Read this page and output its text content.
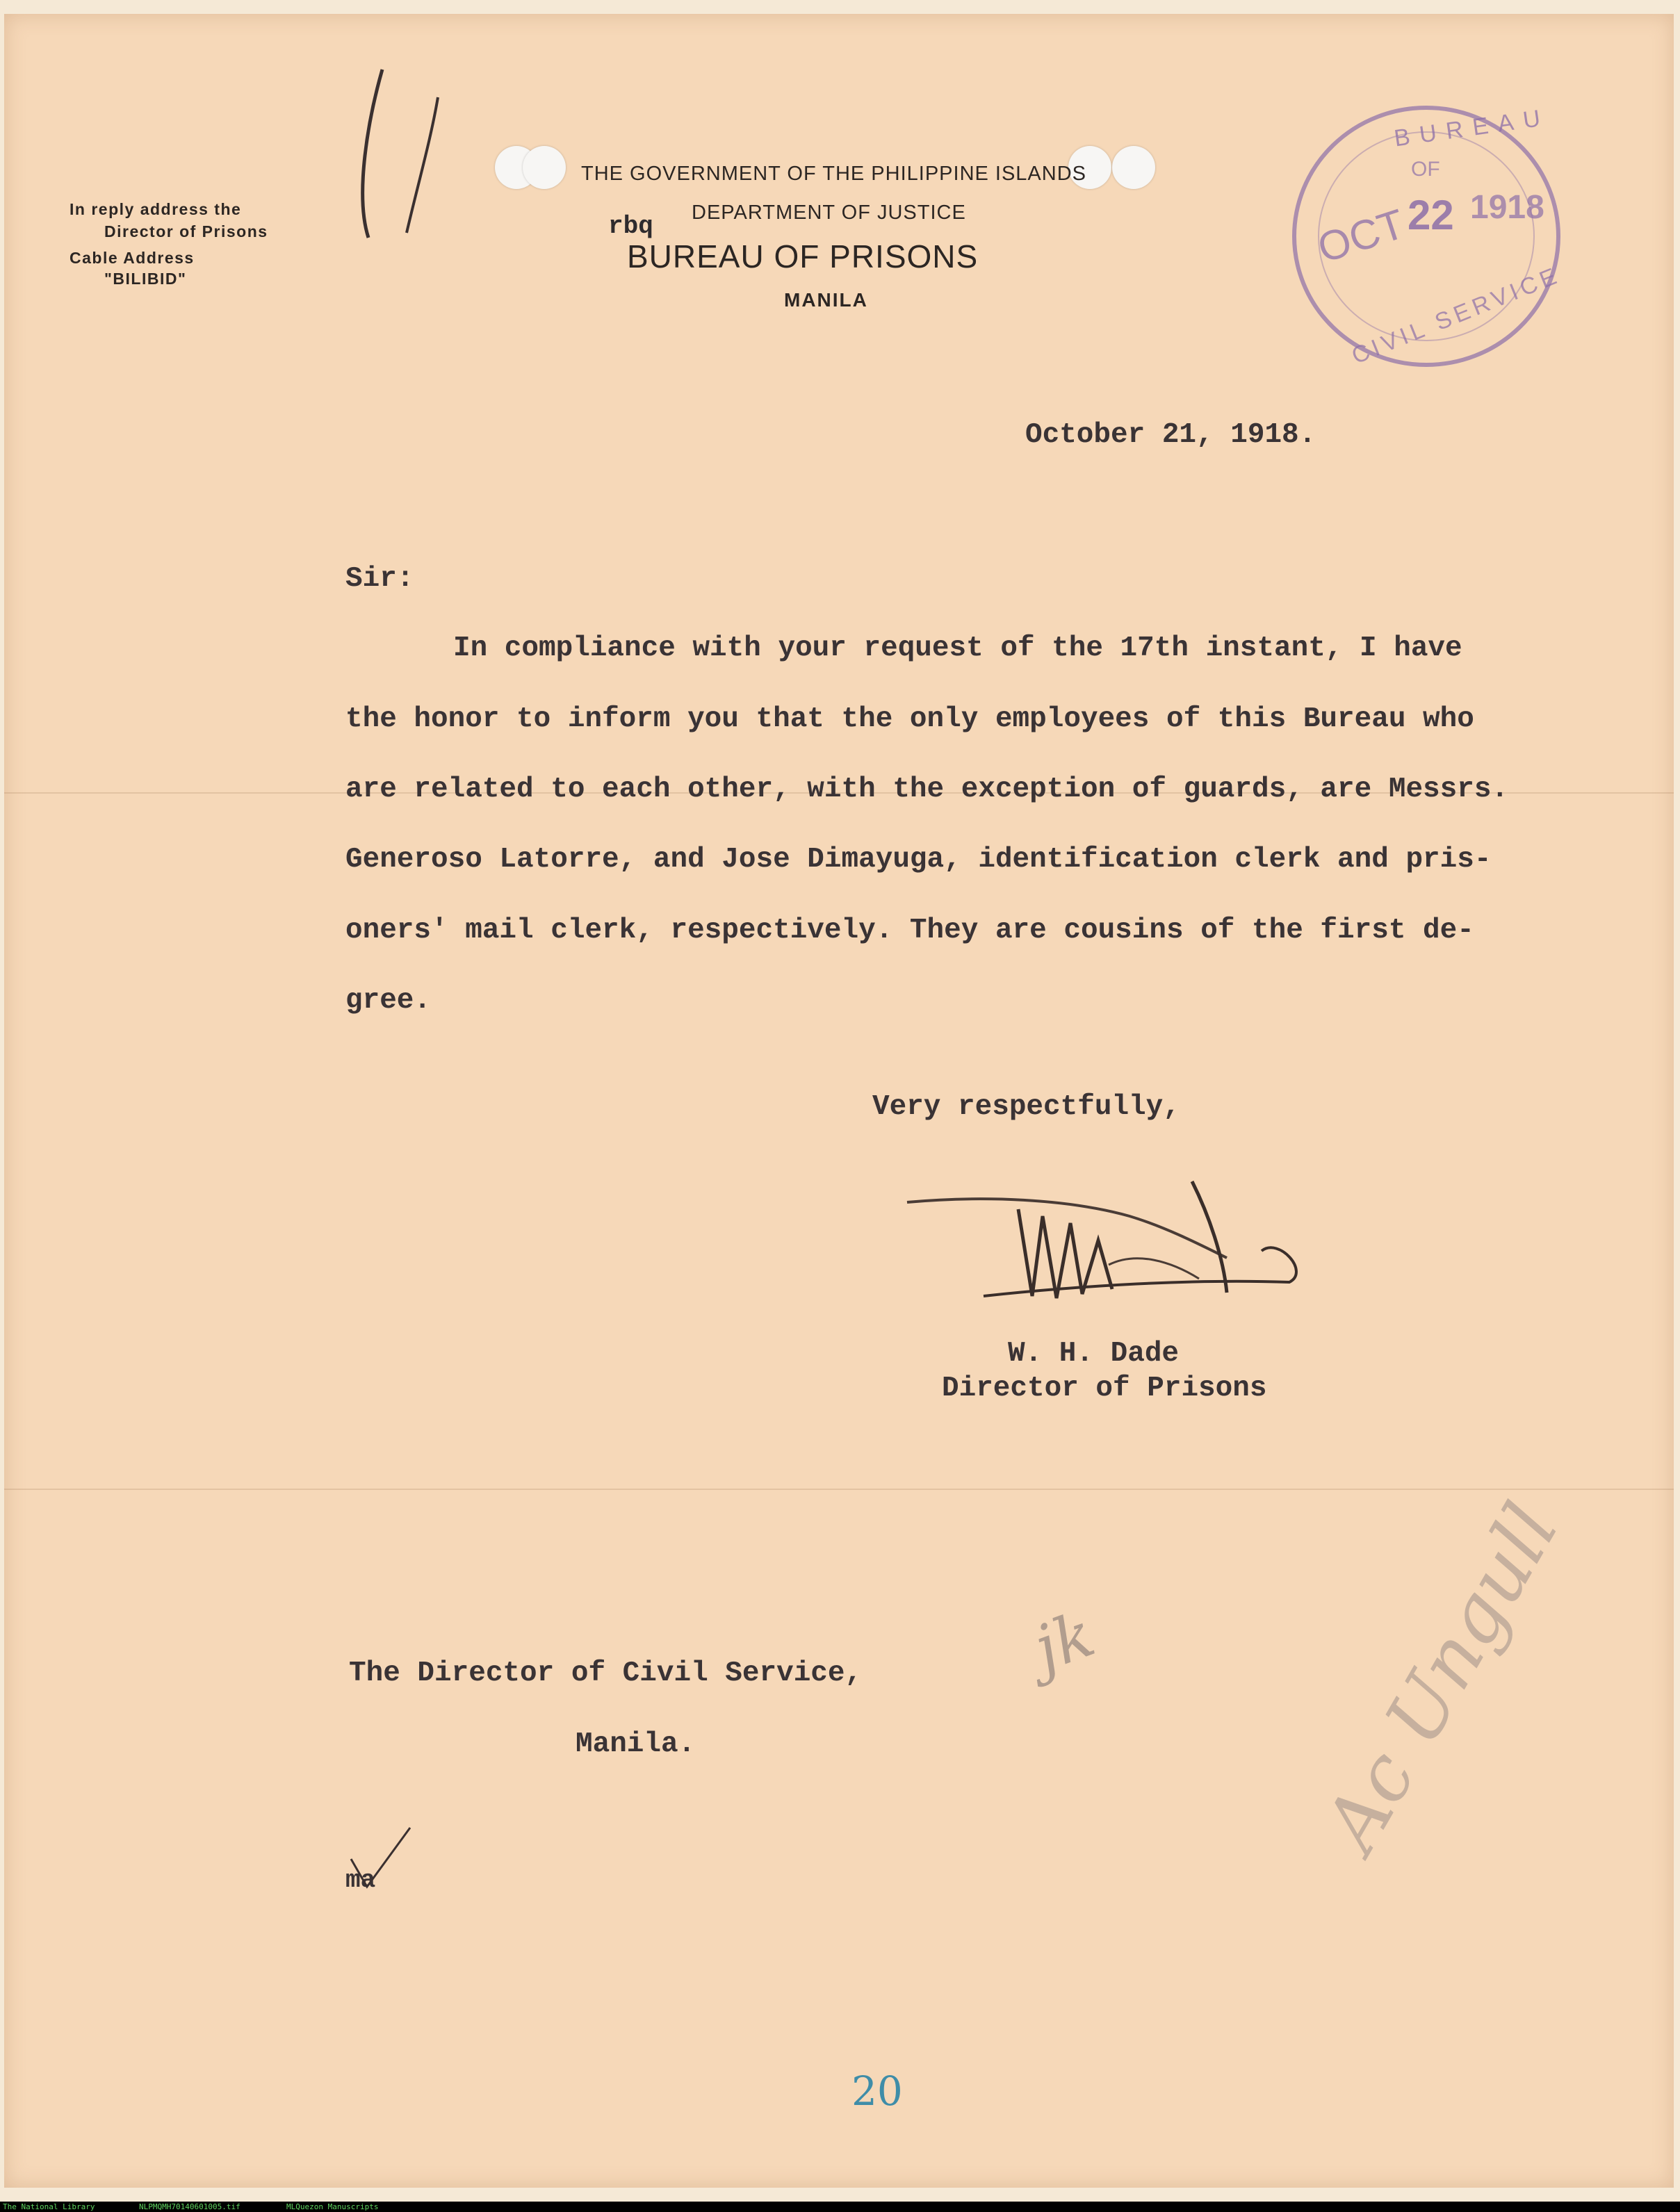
In reply address the
Director of Prisons
Cable Address
"BILIBID"
THE GOVERNMENT OF THE PHILIPPINE ISLANDS
DEPARTMENT OF JUSTICE
BUREAU OF PRISONS
MANILA
rbq
BUREAU
OF
OCT
22 1918
CIVIL SERVICE
October 21, 1918.
Sir:
In compliance with your request of the 17th instant, I have
the honor to inform you that the only employees of this Bureau who
are related to each other, with the exception of guards, are Messrs.
Generoso Latorre, and Jose Dimayuga, identification clerk and pris-
oners' mail clerk, respectively. They are cousins of the first de-
gree.
Very respectfully,
W. H. Dade
Director of Prisons
The Director of Civil Service,
Manila.
ma
jk	Ac Ungull
20
The National Library	NLPMQMH70140601005.tif	MLQuezon Manuscripts
